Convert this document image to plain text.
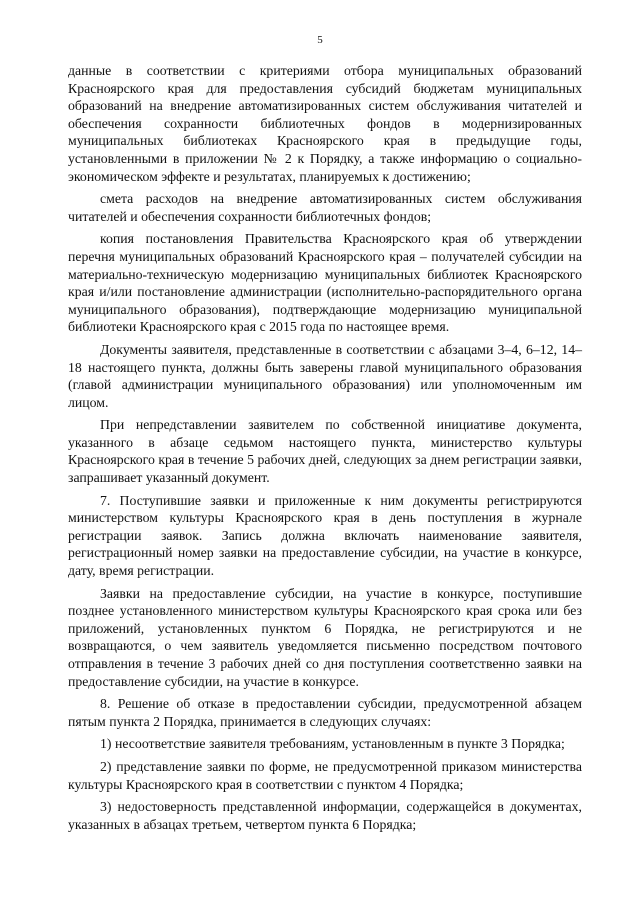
5

данные в соответствии с критериями отбора муниципальных образований Красноярского края для предоставления субсидий бюджетам муниципальных образований на внедрение автоматизированных систем обслуживания читателей и обеспечения сохранности библиотечных фондов в модернизированных муниципальных библиотеках Красноярского края в предыдущие годы, установленными в приложении № 2 к Порядку, а также информацию о социально-экономическом эффекте и результатах, планируемых к достижению;

смета расходов на внедрение автоматизированных систем обслуживания читателей и обеспечения сохранности библиотечных фондов;

копия постановления Правительства Красноярского края об утверждении перечня муниципальных образований Красноярского края – получателей субсидии на материально-техническую модернизацию муниципальных библиотек Красноярского края и/или постановление администрации (исполнительно-распорядительного органа муниципального образования), подтверждающие модернизацию муниципальной библиотеки Красноярского края с 2015 года по настоящее время.

Документы заявителя, представленные в соответствии с абзацами 3–4, 6–12, 14–18 настоящего пункта, должны быть заверены главой муниципального образования (главой администрации муниципального образования) или уполномоченным им лицом.

При непредставлении заявителем по собственной инициативе документа, указанного в абзаце седьмом настоящего пункта, министерство культуры Красноярского края в течение 5 рабочих дней, следующих за днем регистрации заявки, запрашивает указанный документ.

7. Поступившие заявки и приложенные к ним документы регистрируются министерством культуры Красноярского края в день поступления в журнале регистрации заявок. Запись должна включать наименование заявителя, регистрационный номер заявки на предоставление субсидии, на участие в конкурсе, дату, время регистрации.

Заявки на предоставление субсидии, на участие в конкурсе, поступившие позднее установленного министерством культуры Красноярского края срока или без приложений, установленных пунктом 6 Порядка, не регистрируются и не возвращаются, о чем заявитель уведомляется письменно посредством почтового отправления в течение 3 рабочих дней со дня поступления соответственно заявки на предоставление субсидии, на участие в конкурсе.

8. Решение об отказе в предоставлении субсидии, предусмотренной абзацем пятым пункта 2 Порядка, принимается в следующих случаях:

1) несоответствие заявителя требованиям, установленным в пункте 3 Порядка;

2) представление заявки по форме, не предусмотренной приказом министерства культуры Красноярского края в соответствии с пунктом 4 Порядка;

3) недостоверность представленной информации, содержащейся в документах, указанных в абзацах третьем, четвертом пункта 6 Порядка;
